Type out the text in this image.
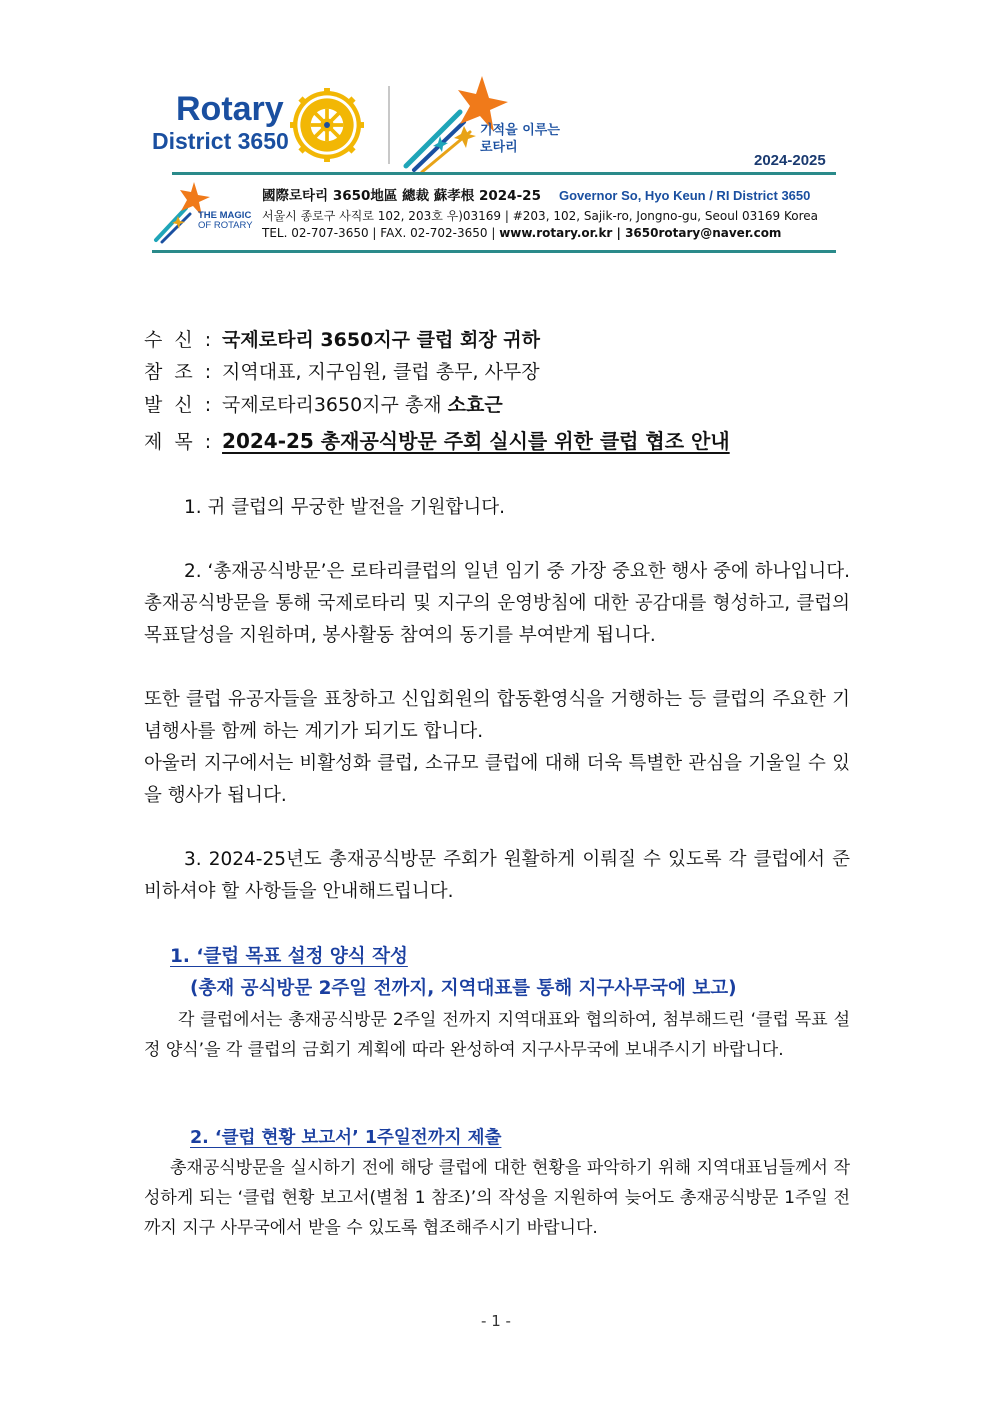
Rotary
District 3650	기적을 이루는
로타리
2024-2025
THE MAGIC
OF ROTARY
國際로타리 3650地區 總裁 蘇孝根 2024-25 Governor So, Hyo Keun / RI District 3650
서울시 종로구 사직로 102, 203호 우)03169 | #203, 102, Sajik-ro, Jongno-gu, Seoul 03169 Korea
TEL. 02-707-3650 | FAX. 02-702-3650 | www.rotary.or.kr | 3650rotary@naver.com
수 신 : 국제로타리 3650지구 클럽 회장 귀하
참 조 : 지역대표, 지구임원, 클럽 총무, 사무장
발 신 : 국제로타리3650지구 총재 소효근
제 목 : 2024-25 총재공식방문 주회 실시를 위한 클럽 협조 안내
1. 귀 클럽의 무궁한 발전을 기원합니다.
2. ‘총재공식방문’은 로타리클럽의 일년 임기 중 가장 중요한 행사 중에 하나입니다. 총재공식방문을 통해 국제로타리 및 지구의 운영방침에 대한 공감대를 형성하고, 클럽의 목표달성을 지원하며, 봉사활동 참여의 동기를 부여받게 됩니다.
또한 클럽 유공자들을 표창하고 신입회원의 합동환영식을 거행하는 등 클럽의 주요한 기념행사를 함께 하는 계기가 되기도 합니다.
아울러 지구에서는 비활성화 클럽, 소규모 클럽에 대해 더욱 특별한 관심을 기울일 수 있을 행사가 됩니다.
3. 2024-25년도 총재공식방문 주회가 원활하게 이뤄질 수 있도록 각 클럽에서 준비하셔야 할 사항들을 안내해드립니다.
1. ‘클럽 목표 설정 양식 작성
(총재 공식방문 2주일 전까지, 지역대표를 통해 지구사무국에 보고)
각 클럽에서는 총재공식방문 2주일 전까지 지역대표와 협의하여, 첨부해드린 ‘클럽 목표 설정 양식’을 각 클럽의 금회기 계획에 따라 완성하여 지구사무국에 보내주시기 바랍니다.
2. ‘클럽 현황 보고서’ 1주일전까지 제출
총재공식방문을 실시하기 전에 해당 클럽에 대한 현황을 파악하기 위해 지역대표님들께서 작성하게 되는 ‘클럽 현황 보고서(별첨 1 참조)’의 작성을 지원하여 늦어도 총재공식방문 1주일 전까지 지구 사무국에서 받을 수 있도록 협조해주시기 바랍니다.
- 1 -
